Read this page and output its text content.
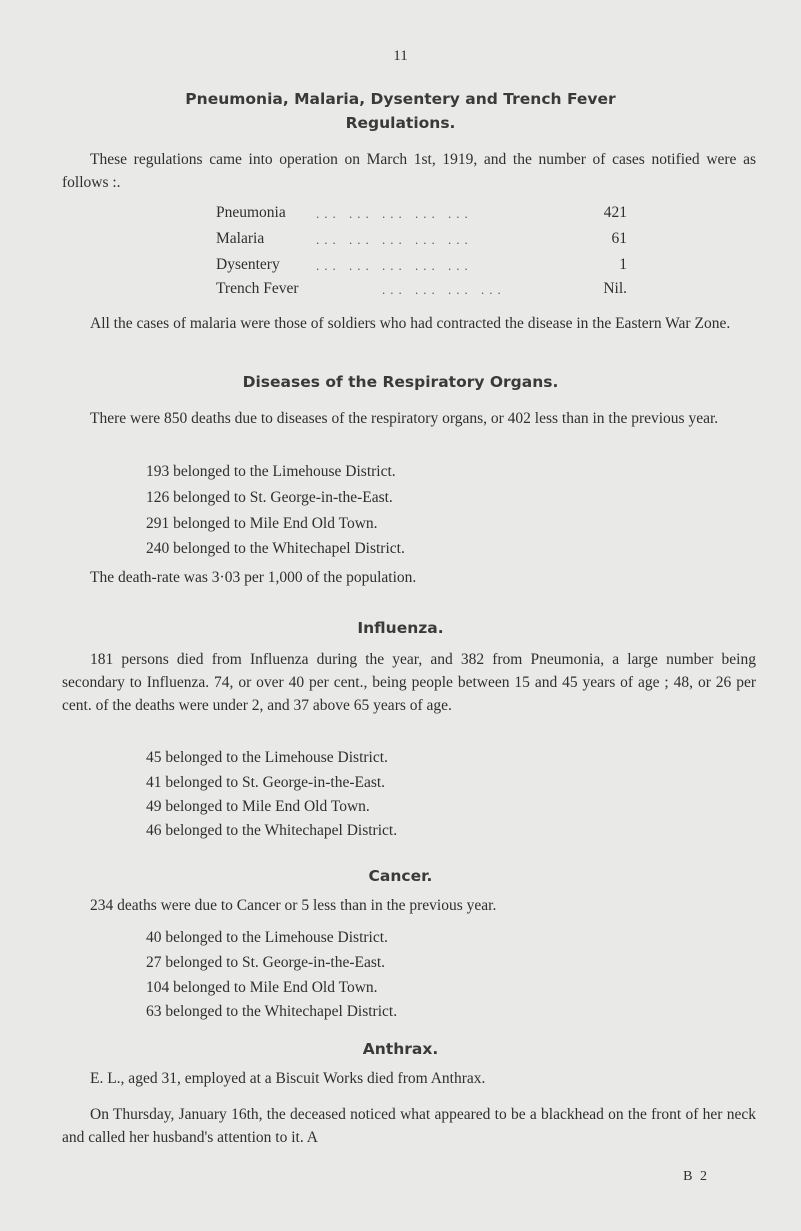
11

Pneumonia, Malaria, Dysentery and Trench Fever

Regulations.

These regulations came into operation on March 1st, 1919, and the number of cases notified were as follows :.

Pneumonia ... ... ... ... ...	421
Malaria	... ... ... ... ...	61
Dysentery	... ... ... ... ...	1
Trench Fever	... ... ... ...	Nil.

All the cases of malaria were those of soldiers who had contracted the disease in the Eastern War Zone.

Diseases of the Respiratory Organs.

There were 850 deaths due to diseases of the respiratory organs, or 402 less than in the previous year.

193 belonged to the Limehouse District.

126 belonged to St. George-in-the-East.

291 belonged to Mile End Old Town.

240 belonged to the Whitechapel District.

The death-rate was 3·03 per 1,000 of the population.

Influenza.

181 persons died from Influenza during the year, and 382 from Pneumonia, a large number being secondary to Influenza. 74, or over 40 per cent., being people between 15 and 45 years of age ; 48, or 26 per cent. of the deaths were under 2, and 37 above 65 years of age.

45 belonged to the Limehouse District.

41 belonged to St. George-in-the-East.

49 belonged to Mile End Old Town.

46 belonged to the Whitechapel District.

Cancer.

234 deaths were due to Cancer or 5 less than in the previous year.

40 belonged to the Limehouse District.

27 belonged to St. George-in-the-East.

104 belonged to Mile End Old Town.

63 belonged to the Whitechapel District.

Anthrax.

E. L., aged 31, employed at a Biscuit Works died from Anthrax.

On Thursday, January 16th, the deceased noticed what appeared to be a blackhead on the front of her neck and called her husband's attention to it. A

B 2
